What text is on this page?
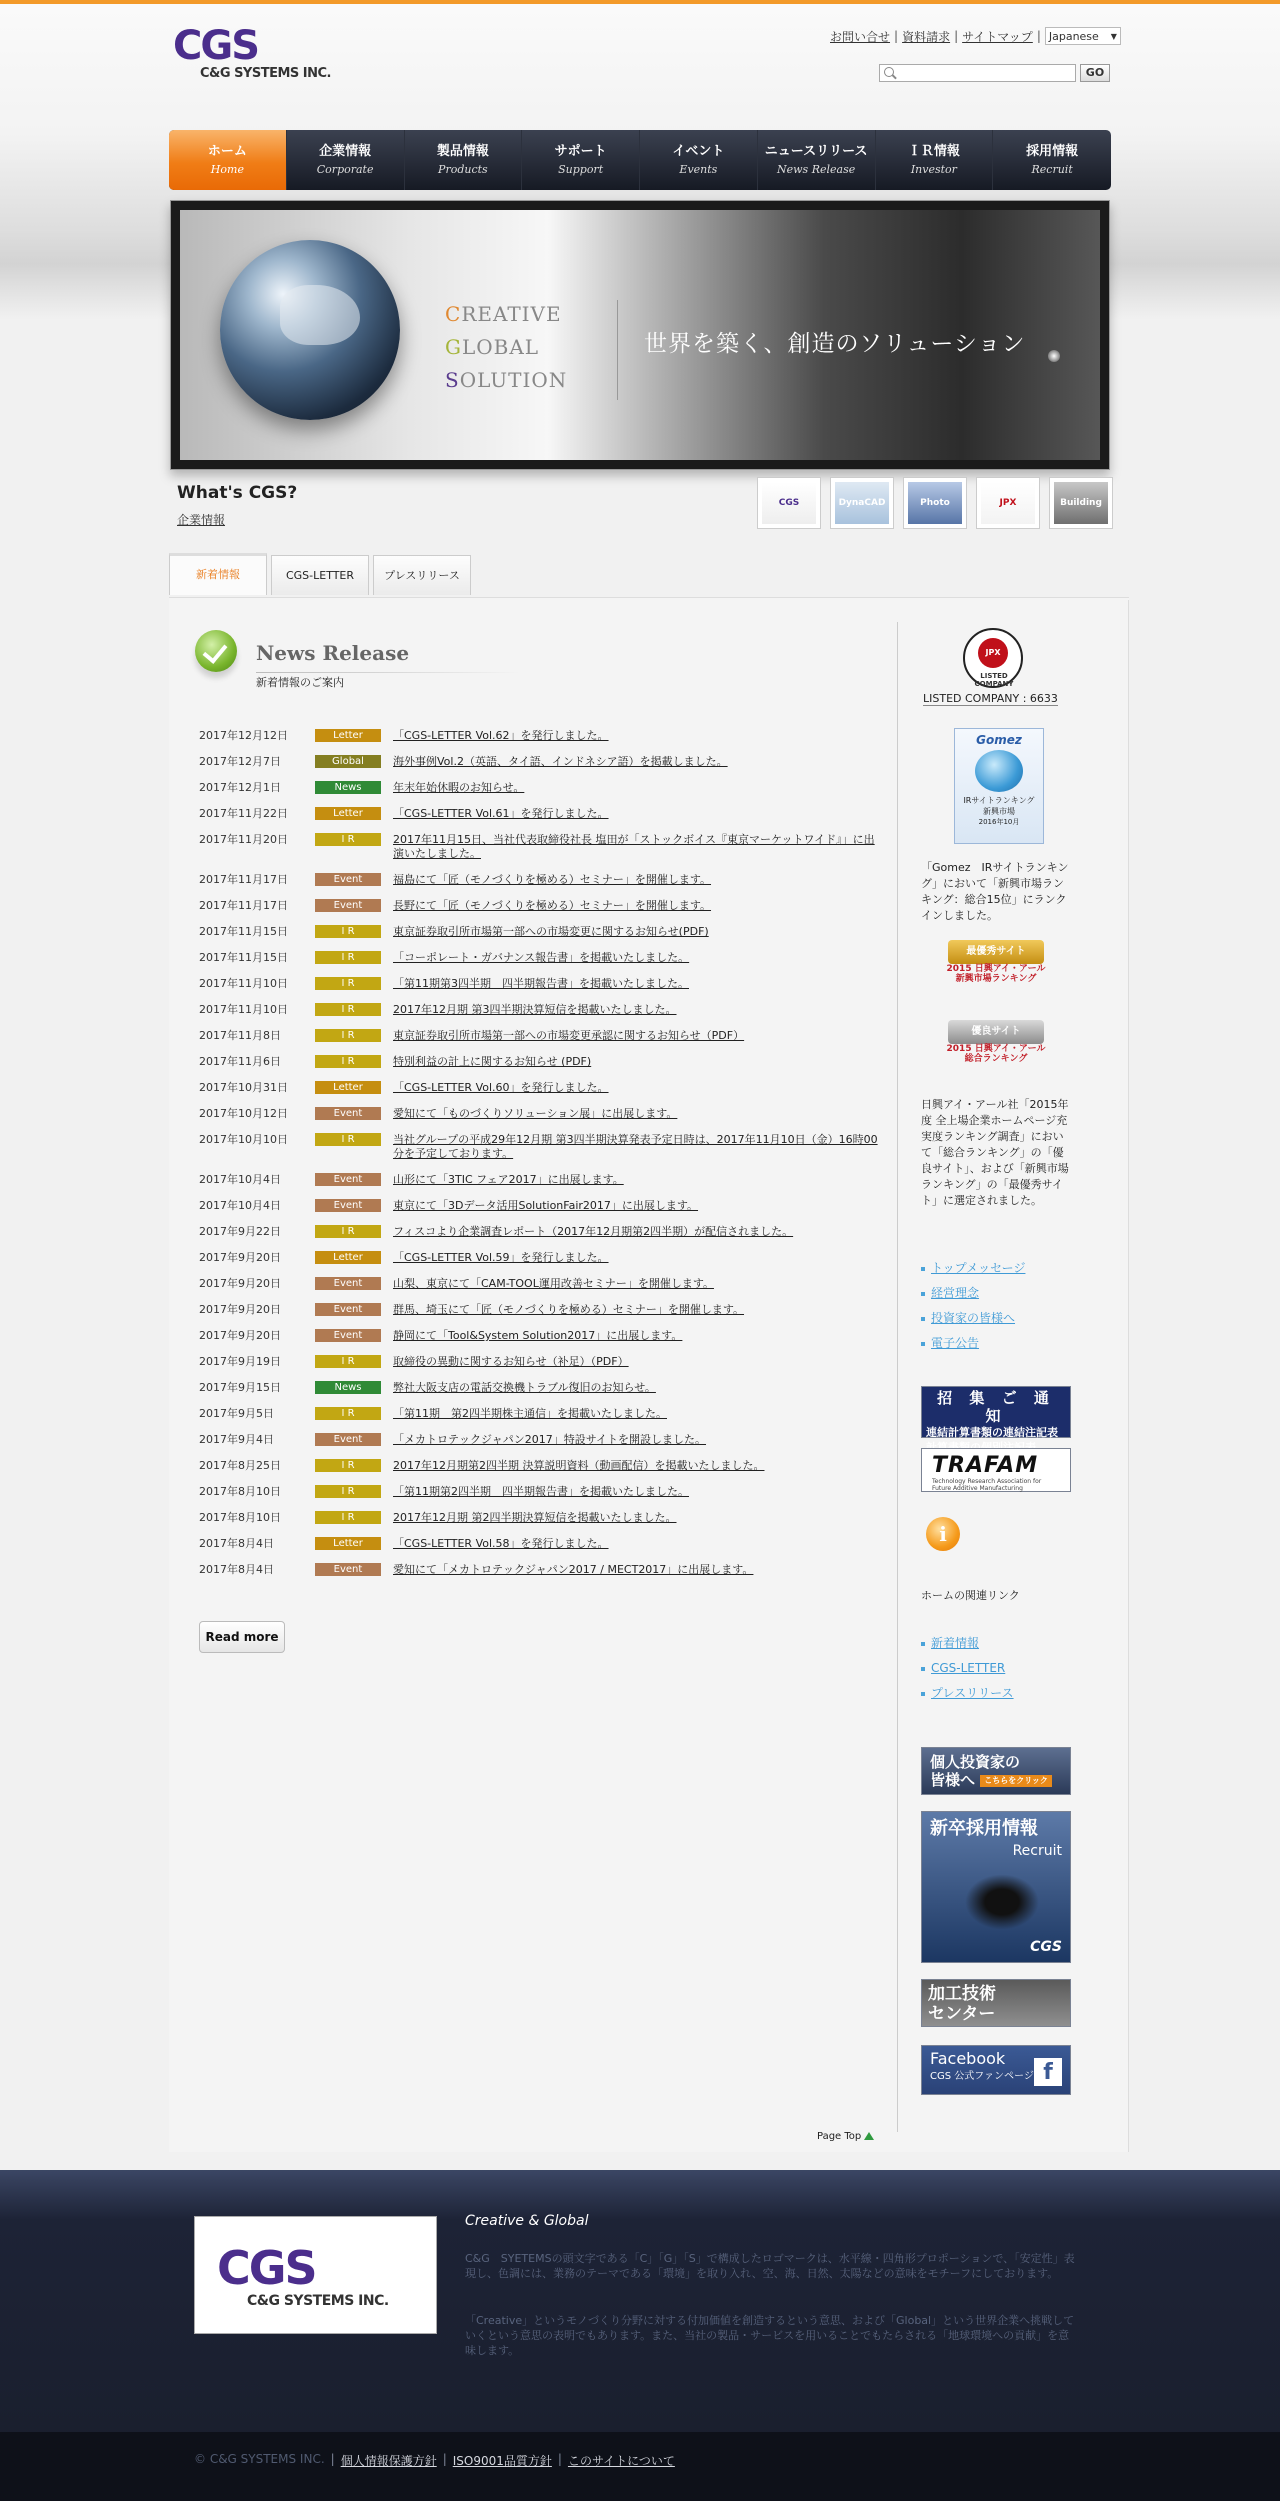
CGS
C&G SYSTEMS INC.
お問い合せ | 資料請求 | サイトマップ | Japanese ▼
GO
ホーム
Home
企業情報
Corporate
製品情報
Products
サポート
Support
イベント
Events
ニュースリリース
News Release
ＩＲ情報
Investor
採用情報
Recruit
CREATIVE
GLOBAL
SOLUTION
世界を築く、創造のソリューション
What's CGS?
企業情報
CGS	DynaCAD	Photo	JPX	Building
新着情報	CGS-LETTER	プレスリリース
News Release
新着情報のご案内
2017年12月12日	Letter	「CGS-LETTER Vol.62」を発行しました。
2017年12月7日	Global	海外事例Vol.2（英語、タイ語、インドネシア語）を掲載しました。
2017年12月1日	News	年末年始休暇のお知らせ。
2017年11月22日	Letter	「CGS-LETTER Vol.61」を発行しました。
2017年11月20日	I R	2017年11月15日、当社代表取締役社長 塩田が「ストックボイス『東京マーケットワイド』」に出演いたしました。
2017年11月17日	Event	福島にて「匠（モノづくりを極める）セミナー」を開催します。
2017年11月17日	Event	長野にて「匠（モノづくりを極める）セミナー」を開催します。
2017年11月15日	I R	東京証券取引所市場第一部への市場変更に関するお知らせ(PDF)
2017年11月15日	I R	「コーポレート・ガバナンス報告書」を掲載いたしました。
2017年11月10日	I R	「第11期第3四半期　四半期報告書」を掲載いたしました。
2017年11月10日	I R	2017年12月期 第3四半期決算短信を掲載いたしました。
2017年11月8日	I R	東京証券取引所市場第一部への市場変更承認に関するお知らせ（PDF）
2017年11月6日	I R	特別利益の計上に関するお知らせ (PDF)
2017年10月31日	Letter	「CGS-LETTER Vol.60」を発行しました。
2017年10月12日	Event	愛知にて「ものづくりソリューション展」に出展します。
2017年10月10日	I R	当社グループの平成29年12月期 第3四半期決算発表予定日時は、2017年11月10日（金）16時00分を予定しております。
2017年10月4日	Event	山形にて「3TIC フェア2017」に出展します。
2017年10月4日	Event	東京にて「3Dデータ活用SolutionFair2017」に出展します。
2017年9月22日	I R	フィスコより企業調査レポート（2017年12月期第2四半期）が配信されました。
2017年9月20日	Letter	「CGS-LETTER Vol.59」を発行しました。
2017年9月20日	Event	山梨、東京にて「CAM-TOOL運用改善セミナー」を開催します。
2017年9月20日	Event	群馬、埼玉にて「匠（モノづくりを極める）セミナー」を開催します。
2017年9月20日	Event	静岡にて「Tool&System Solution2017」に出展します。
2017年9月19日	I R	取締役の異動に関するお知らせ（补足）（PDF）
2017年9月15日	News	弊社大阪支店の電話交換機トラブル復旧のお知らせ。
2017年9月5日	I R	「第11期　第2四半期株主通信」を掲載いたしました。
2017年9月4日	Event	「メカトロテックジャパン2017」特設サイトを開設しました。
2017年8月25日	I R	2017年12月期第2四半期 決算説明資料（動画配信）を掲載いたしました。
2017年8月10日	I R	「第11期第2四半期　四半期報告書」を掲載いたしました。
2017年8月10日	I R	2017年12月期 第2四半期決算短信を掲載いたしました。
2017年8月4日	Letter	「CGS-LETTER Vol.58」を発行しました。
2017年8月4日	Event	愛知にて「メカトロテックジャパン2017 / MECT2017」に出展します。
Read more
JPX
LISTED COMPANY
LISTED COMPANY : 6633
Gomez
IRサイトランキング
新興市場
2016年10月
「Gomez　IRサイトランキング」において「新興市場ランキング：総合15位」にランクインしました。
最優秀サイト
2015 日興アイ・アール
新興市場ランキング
優良サイト
2015 日興アイ・アール
総合ランキング
日興アイ・アール社「2015年度 全上場企業ホームページ充実度ランキング調査」において「総合ランキング」の「優良サイト」、および「新興市場ランキング」の「最優秀サイト」に選定されました。
トップメッセージ
経営理念
投資家の皆様へ
電子公告
招 集 ご 通 知
連結計算書類の連結注記表
TRAFAM
Technology Research Association for Future Additive Manufacturing
i
ホームの関連リンク
新着情報
CGS-LETTER
プレスリリース
個人投資家の
皆様へ こちらをクリック
新卒採用情報
Recruit
CGS
加工技術
センター
Facebook
CGS 公式ファンページ f
Page Top
CGS
C&G SYSTEMS INC.
Creative & Global
C&G　SYETEMSの頭文字である「C」「G」「S」で構成したロゴマークは、水平線・四角形プロポーションで、「安定性」表現し、色調には、業務のテーマである「環境」を取り入れ、空、海、日然、太陽などの意味をモチーフにしております。
「Creative」というモノづくり分野に対する付加価値を創造するという意思、および「Global」という世界企業へ挑戦していくという意思の表明でもあります。また、当社の製品・サービスを用いることでもたらされる「地球環境への貢献」を意味します。
© C&G SYSTEMS INC. | 個人情報保護方針 | ISO9001品質方針 | このサイトについて
